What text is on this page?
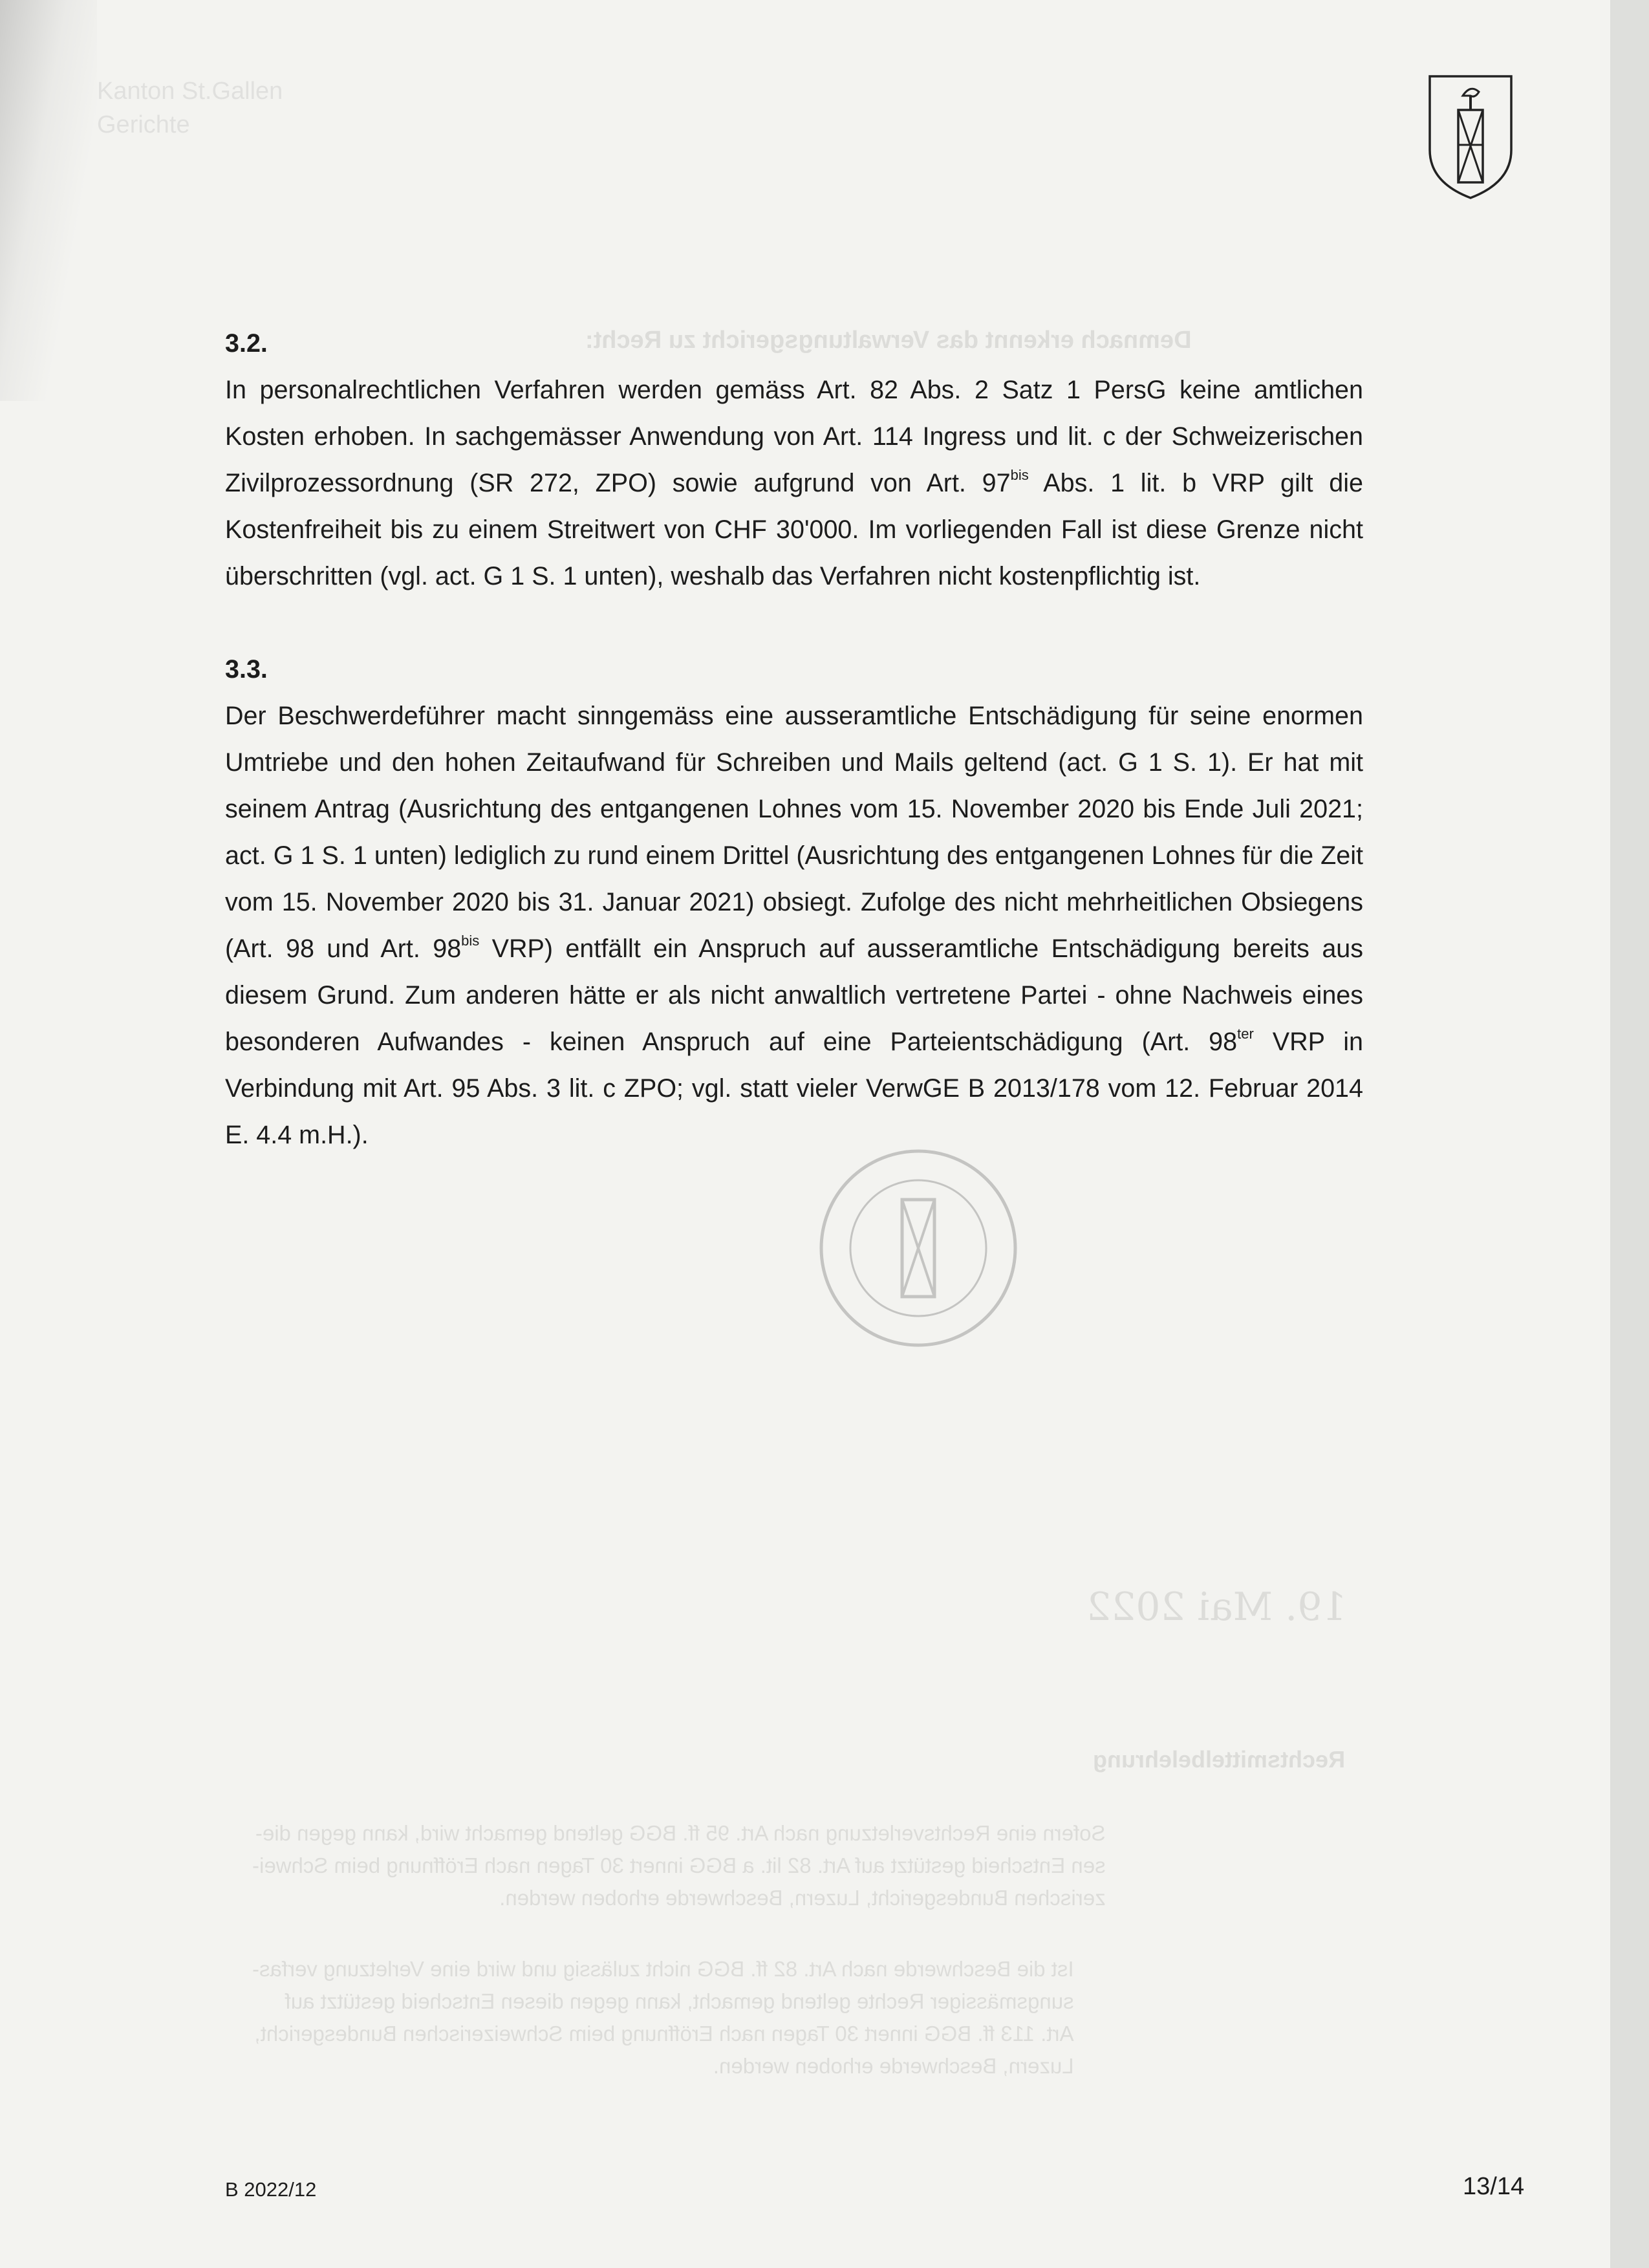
Kanton St.Gallen
Gerichte
Demnach erkennt das Verwaltungsgericht zu Recht:
Rechtsmittelbelehrung
Sofern eine Rechtsverletzung nach Art. 95 ff. BGG geltend gemacht wird, kann gegen die-
sen Entscheid gestützt auf Art. 82 lit. a BGG innert 30 Tagen nach Eröffnung beim Schwei-
zerischen Bundesgericht, Luzern, Beschwerde erhoben werden.
Ist die Beschwerde nach Art. 82 ff. BGG nicht zulässig und wird eine Verletzung verfas-
sungsmässiger Rechte geltend gemacht, kann gegen diesen Entscheid gestützt auf
Art. 113 ff. BGG innert 30 Tagen nach Eröffnung beim Schweizerischen Bundesgericht,
Luzern, Beschwerde erhoben werden.
19. Mai 2022

3.2.

In personalrechtlichen Verfahren werden gemäss Art. 82 Abs. 2 Satz 1 PersG keine amtlichen Kosten erhoben. In sachgemässer Anwendung von Art. 114 Ingress und lit. c der Schweizerischen Zivilprozessordnung (SR 272, ZPO) sowie aufgrund von Art. $97^{bis}$ Abs. 1 lit. b VRP gilt die Kostenfreiheit bis zu einem Streitwert von CHF 30'000. Im vorliegenden Fall ist diese Grenze nicht überschritten (vgl. act. G 1 S. 1 unten), weshalb das Verfahren nicht kostenpflichtig ist.

3.3.

Der Beschwerdeführer macht sinngemäss eine ausseramtliche Entschädigung für seine enormen Umtriebe und den hohen Zeitaufwand für Schreiben und Mails geltend (act. G 1 S. 1). Er hat mit seinem Antrag (Ausrichtung des entgangenen Lohnes vom 15. November 2020 bis Ende Juli 2021; act. G 1 S. 1 unten) lediglich zu rund einem Drittel (Ausrichtung des entgangenen Lohnes für die Zeit vom 15. November 2020 bis 31. Januar 2021) obsiegt. Zufolge des nicht mehrheitlichen Obsiegens (Art. 98 und Art. $98^{bis}$ VRP) entfällt ein Anspruch auf ausseramtliche Entschädigung bereits aus diesem Grund. Zum anderen hätte er als nicht anwaltlich vertretene Partei - ohne Nachweis eines besonderen Aufwandes - keinen Anspruch auf eine Parteientschädigung (Art. $98^{ter}$ VRP in Verbindung mit Art. 95 Abs. 3 lit. c ZPO; vgl. statt vieler VerwGE B 2013/178 vom 12. Februar 2014 E. 4.4 m.H.).

B 2022/12	13/14
